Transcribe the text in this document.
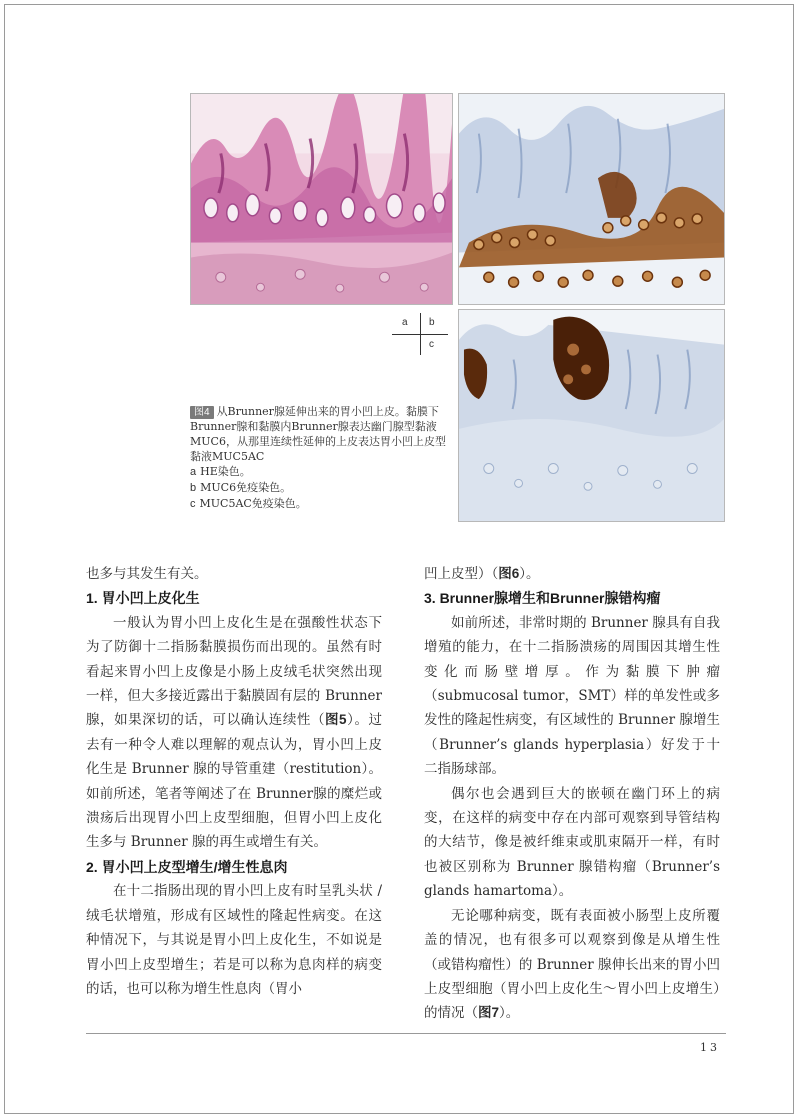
a b
c
图4 从Brunner腺延伸出来的胃小凹上皮。黏膜下Brunner腺和黏膜内Brunner腺表达幽门腺型黏液MUC6，从那里连续性延伸的上皮表达胃小凹上皮型黏液MUC5AC
a HE染色。
b MUC6免疫染色。
c MUC5AC免疫染色。

也多与其发生有关。

1. 胃小凹上皮化生

一般认为胃小凹上皮化生是在强酸性状态下为了防御十二指肠黏膜损伤而出现的。虽然有时看起来胃小凹上皮像是小肠上皮绒毛状突然出现一样，但大多接近露出于黏膜固有层的 Brunner 腺，如果深切的话，可以确认连续性（图5）。过去有一种令人难以理解的观点认为，胃小凹上皮化生是 Brunner 腺的导管重建（restitution）。如前所述，笔者等阐述了在 Brunner腺的糜烂或溃疡后出现胃小凹上皮型细胞，但胃小凹上皮化生多与 Brunner 腺的再生或增生有关。

2. 胃小凹上皮型增生/增生性息肉

在十二指肠出现的胃小凹上皮有时呈乳头状 / 绒毛状增殖，形成有区域性的隆起性病变。在这种情况下，与其说是胃小凹上皮化生，不如说是胃小凹上皮型增生；若是可以称为息肉样的病变的话，也可以称为增生性息肉（胃小

凹上皮型）（图6）。

3. Brunner腺增生和Brunner腺错构瘤

如前所述，非常时期的 Brunner 腺具有自我增殖的能力，在十二指肠溃疡的周围因其增生性变化而肠壁增厚。作为黏膜下肿瘤（submucosal tumor，SMT）样的单发性或多发性的隆起性病变，有区域性的 Brunner 腺增生（Brunner’s glands hyperplasia）好发于十二指肠球部。

偶尔也会遇到巨大的嵌顿在幽门环上的病变，在这样的病变中存在内部可观察到导管结构的大结节，像是被纤维束或肌束隔开一样，有时也被区别称为 Brunner 腺错构瘤（Brunner’s glands hamartoma）。

无论哪种病变，既有表面被小肠型上皮所覆盖的情况，也有很多可以观察到像是从增生性（或错构瘤性）的 Brunner 腺伸长出来的胃小凹上皮型细胞（胃小凹上皮化生～胃小凹上皮增生）的情况（图7）。

13
